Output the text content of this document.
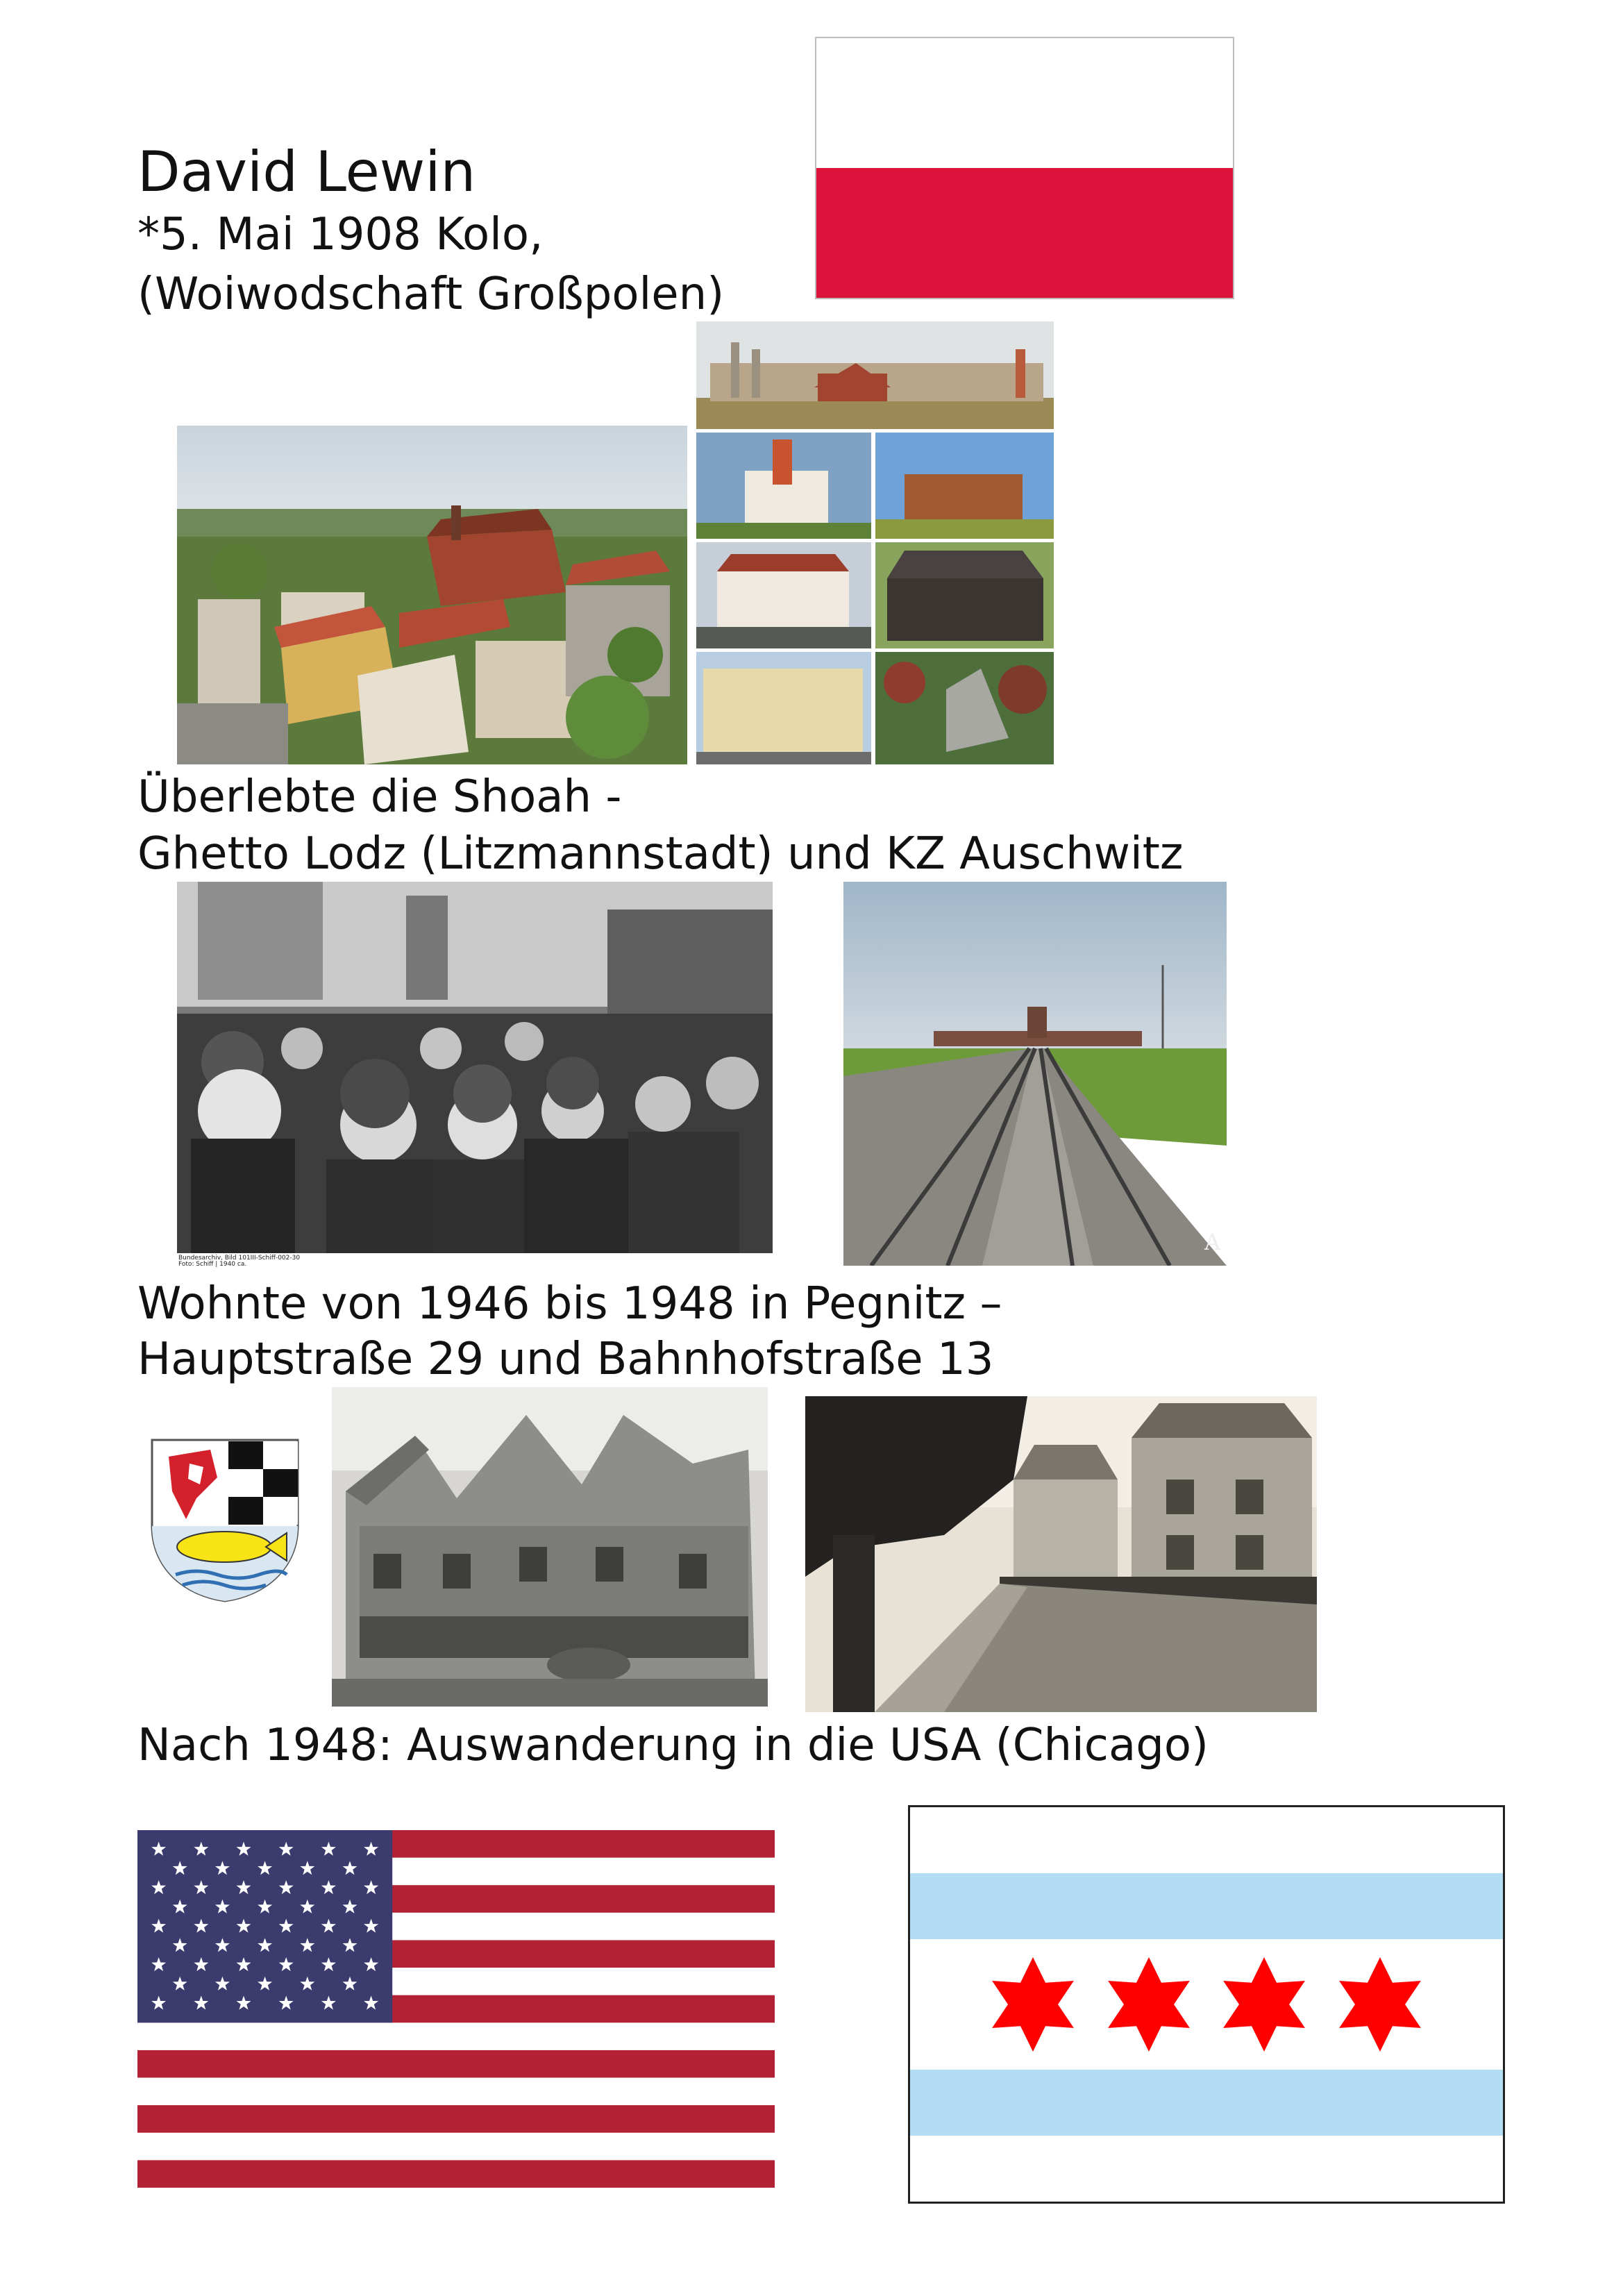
David Lewin
*5. Mai 1908 Kolo,
(Woiwodschaft Großpolen)
Überlebte die Shoah -
Ghetto Lodz (Litzmannstadt) und KZ Auschwitz
Bundesarchiv, Bild 101III-Schiff-002-30
Foto: Schiff | 1940 ca.
A
Wohnte von 1946 bis 1948 in Pegnitz –
Hauptstraße 29 und Bahnhofstraße 13
Nach 1948: Auswanderung in die USA (Chicago)
